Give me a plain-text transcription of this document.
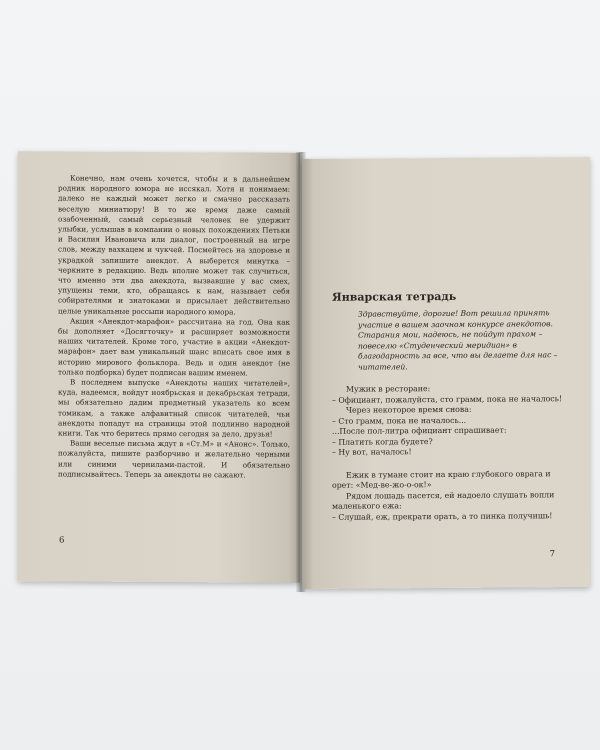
Конечно, нам очень хочется, чтобы и в дальнейшем родник народного юмора не иссякал. Хотя и понимаем: далеко не каждый может легко и смачно рассказать веселую миниатюру! В то же время даже самый озабоченный, самый серьезный человек не удержит улыбки, услышав в компании о новых похождениях Петьки и Василия Ивановича или диалог, построенный на игре слов, между вахкацем и чукчей. Посмейтесь на здоровье и украдкой запишите анекдот. А выберется минутка – черкните в редакцию. Ведь вполне может так случиться, что именно эти два анекдота, вызвавшие у вас смех, упущены теми, кто, обращаясь к нам, называет себя собирателями и знатоками и присылает действительно целые уникальные россыпи народного юмора.

Акция «Анекдот-марафон» рассчитана на год. Она как бы дополняет «Досягточку» и расширяет возможности наших читателей. Кроме того, участие в акции «Анекдот-марафон» дает вам уникальный шанс вписать свое имя в историю мирового фольклора. Ведь и один анекдот (не только подборка) будет подписан вашим именем.

В последнем выпуске «Анекдоты наших читателей», куда, надеемся, войдут ноябрьская и декабрьская тетради, мы обязательно дадим предметный указатель ко всем томикам, а также алфавитный список читателей, чьи анекдоты попадут на страницы этой подлинно народной книги. Так что беритесь прямо сегодня за дело, друзья!

Ваши веселые письма ждут в «Ст.М» и «Анонс». Только, пожалуйста, пишите разборчиво и желательно черными или синими чернилами-пастой. И обязательно подписывайтесь. Теперь за анекдоты не сажают.

6
Январская тетрадь
Здравствуйте, дорогие! Вот решила принять участие в вашем заочном конкурсе анекдотов. Старания мои, надеюсь, не пойдут прахом – повеселю «Студенческий меридиан» в благодарность за все, что вы делаете для нас – читателей.
Мужик в ресторане:
– Официант, пожалуйста, сто грамм, пока не началось!
Через некоторое время снова:
– Сто грамм, пока не началось...
...После пол-литра официант спрашивает:
– Платить когда будете?
– Ну вот, началось!
Ежик в тумане стоит на краю глубокого оврага и орет: «Мед-ве-жо-о-ок!»
Рядом лошадь пасется, ей надоело слушать вопли маленького ежа:
– Слушай, еж, прекрати орать, а то пинка получишь!
7
